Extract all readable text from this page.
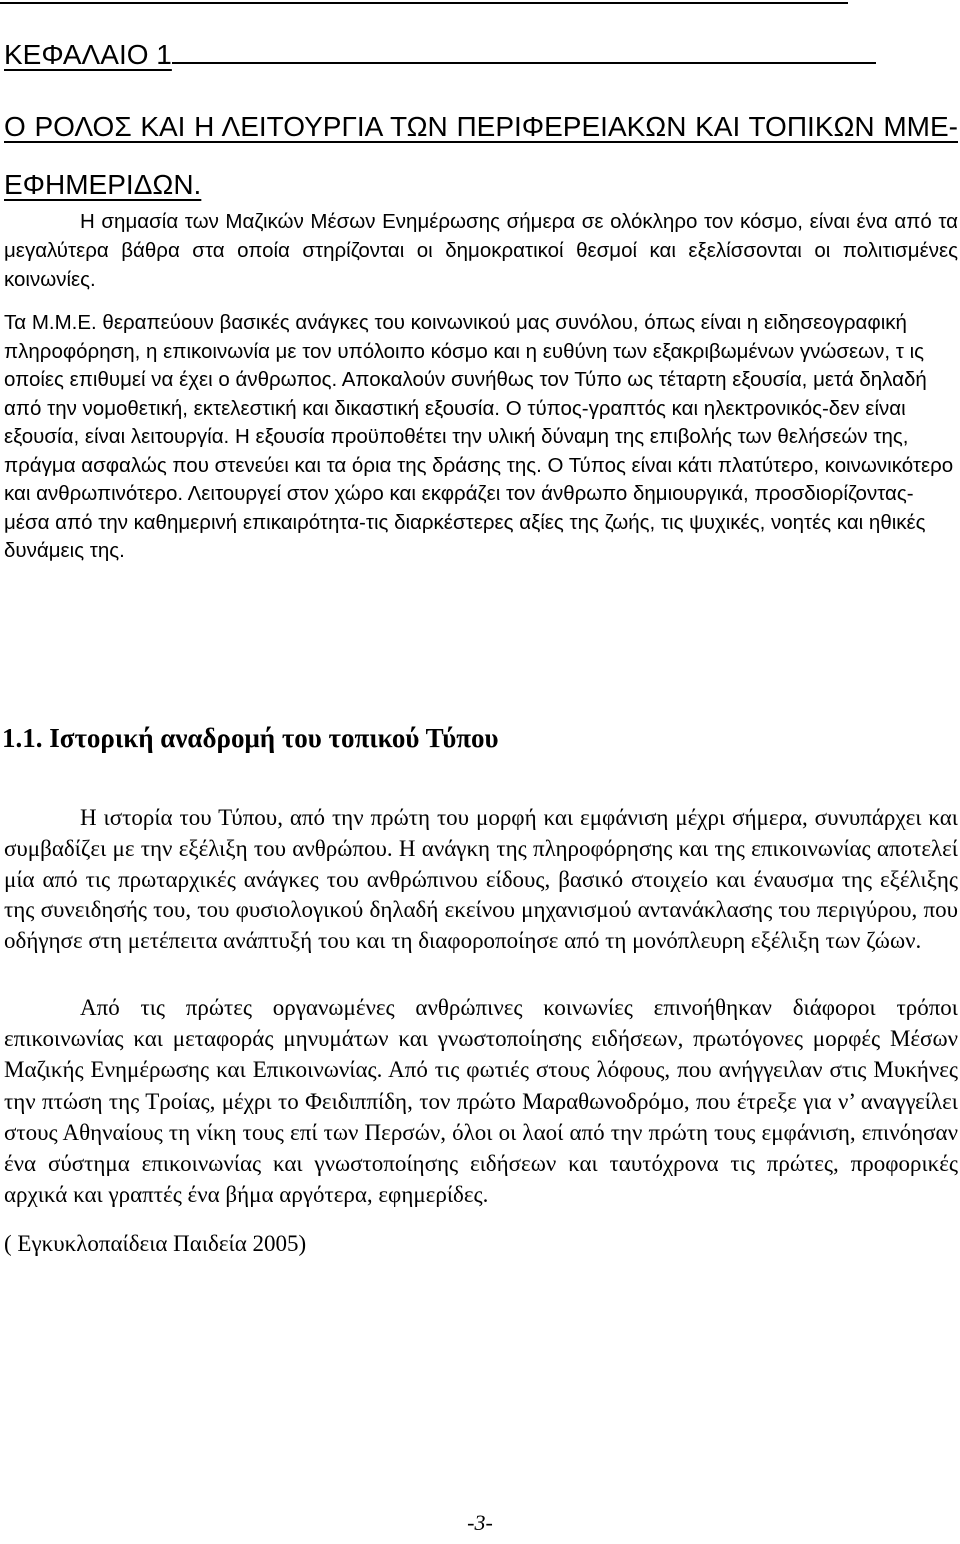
ΚΕΦΑΛΑΙΟ 1
Ο ΡΟΛΟΣ ΚΑΙ Η ΛΕΙΤΟΥΡΓΙΑ ΤΩΝ ΠΕΡΙΦΕΡΕΙΑΚΩΝ ΚΑΙ ΤΟΠΙΚΩΝ ΜΜΕ-ΕΦΗΜΕΡΙΔΩΝ.

Η σημασία των Μαζικών Μέσων Ενημέρωσης σήμερα σε ολόκληρο τον κόσμο, είναι ένα από τα μεγαλύτερα βάθρα στα οποία στηρίζονται οι δημοκρατικοί θεσμοί και εξελίσσονται οι πολιτισμένες κοινωνίες.

Τα Μ.Μ.Ε. θεραπεύουν βασικές ανάγκες του κοινωνικού μας συνόλου, όπως είναι η ειδησεογραφική πληροφόρηση, η επικοινωνία με τον υπόλοιπο κόσμο και η ευθύνη των εξακριβωμένων γνώσεων, τ ις οποίες επιθυμεί να έχει ο άνθρωπος. Αποκαλούν συνήθως τον Τύπο ως τέταρτη εξουσία, μετά δηλαδή από την νομοθετική, εκτελεστική και δικαστική εξουσία. Ο τύπος-γραπτός και ηλεκτρονικός-δεν είναι εξουσία, είναι λειτουργία. Η εξουσία προϋποθέτει την υλική δύναμη της επιβολής των θελήσεών της, πράγμα ασφαλώς που στενεύει και τα όρια της δράσης της. Ο Τύπος είναι κάτι πλατύτερο, κοινωνικότερο και ανθρωπινότερο. Λειτουργεί στον χώρο και εκφράζει τον άνθρωπο δημιουργικά, προσδιορίζοντας-μέσα από την καθημερινή επικαιρότητα-τις διαρκέστερες αξίες της ζωής, τις ψυχικές, νοητές και ηθικές δυνάμεις της.

1.1. Ιστορική αναδρομή του τοπικού Τύπου

Η ιστορία του Τύπου, από την πρώτη του μορφή και εμφάνιση μέχρι σήμερα, συνυπάρχει και συμβαδίζει με την εξέλιξη του ανθρώπου. Η ανάγκη της πληροφόρησης και της επικοινωνίας αποτελεί μία από τις πρωταρχικές ανάγκες του ανθρώπινου είδους, βασικό στοιχείο και έναυσμα της εξέλιξης της συνειδησής του, του φυσιολογικού δηλαδή εκείνου μηχανισμού αντανάκλασης του περιγύρου, που οδήγησε στη μετέπειτα ανάπτυξή του και τη διαφοροποίησε από τη μονόπλευρη εξέλιξη των ζώων.

Από τις πρώτες οργανωμένες ανθρώπινες κοινωνίες επινοήθηκαν διάφοροι τρόποι επικοινωνίας και μεταφοράς μηνυμάτων και γνωστοποίησης ειδήσεων, πρωτόγονες μορφές Μέσων Μαζικής Ενημέρωσης και Επικοινωνίας. Από τις φωτιές στους λόφους, που ανήγγειλαν στις Μυκήνες την πτώση της Τροίας, μέχρι το Φειδιππίδη, τον πρώτο Μαραθωνοδρόμο, που έτρεξε για ν’ αναγγείλει στους Αθηναίους τη νίκη τους επί των Περσών, όλοι οι λαοί από την πρώτη τους εμφάνιση, επινόησαν ένα σύστημα επικοινωνίας και γνωστοποίησης ειδήσεων και ταυτόχρονα τις πρώτες, προφορικές αρχικά και γραπτές ένα βήμα αργότερα, εφημερίδες.

( Εγκυκλοπαίδεια Παιδεία 2005)

-3-
